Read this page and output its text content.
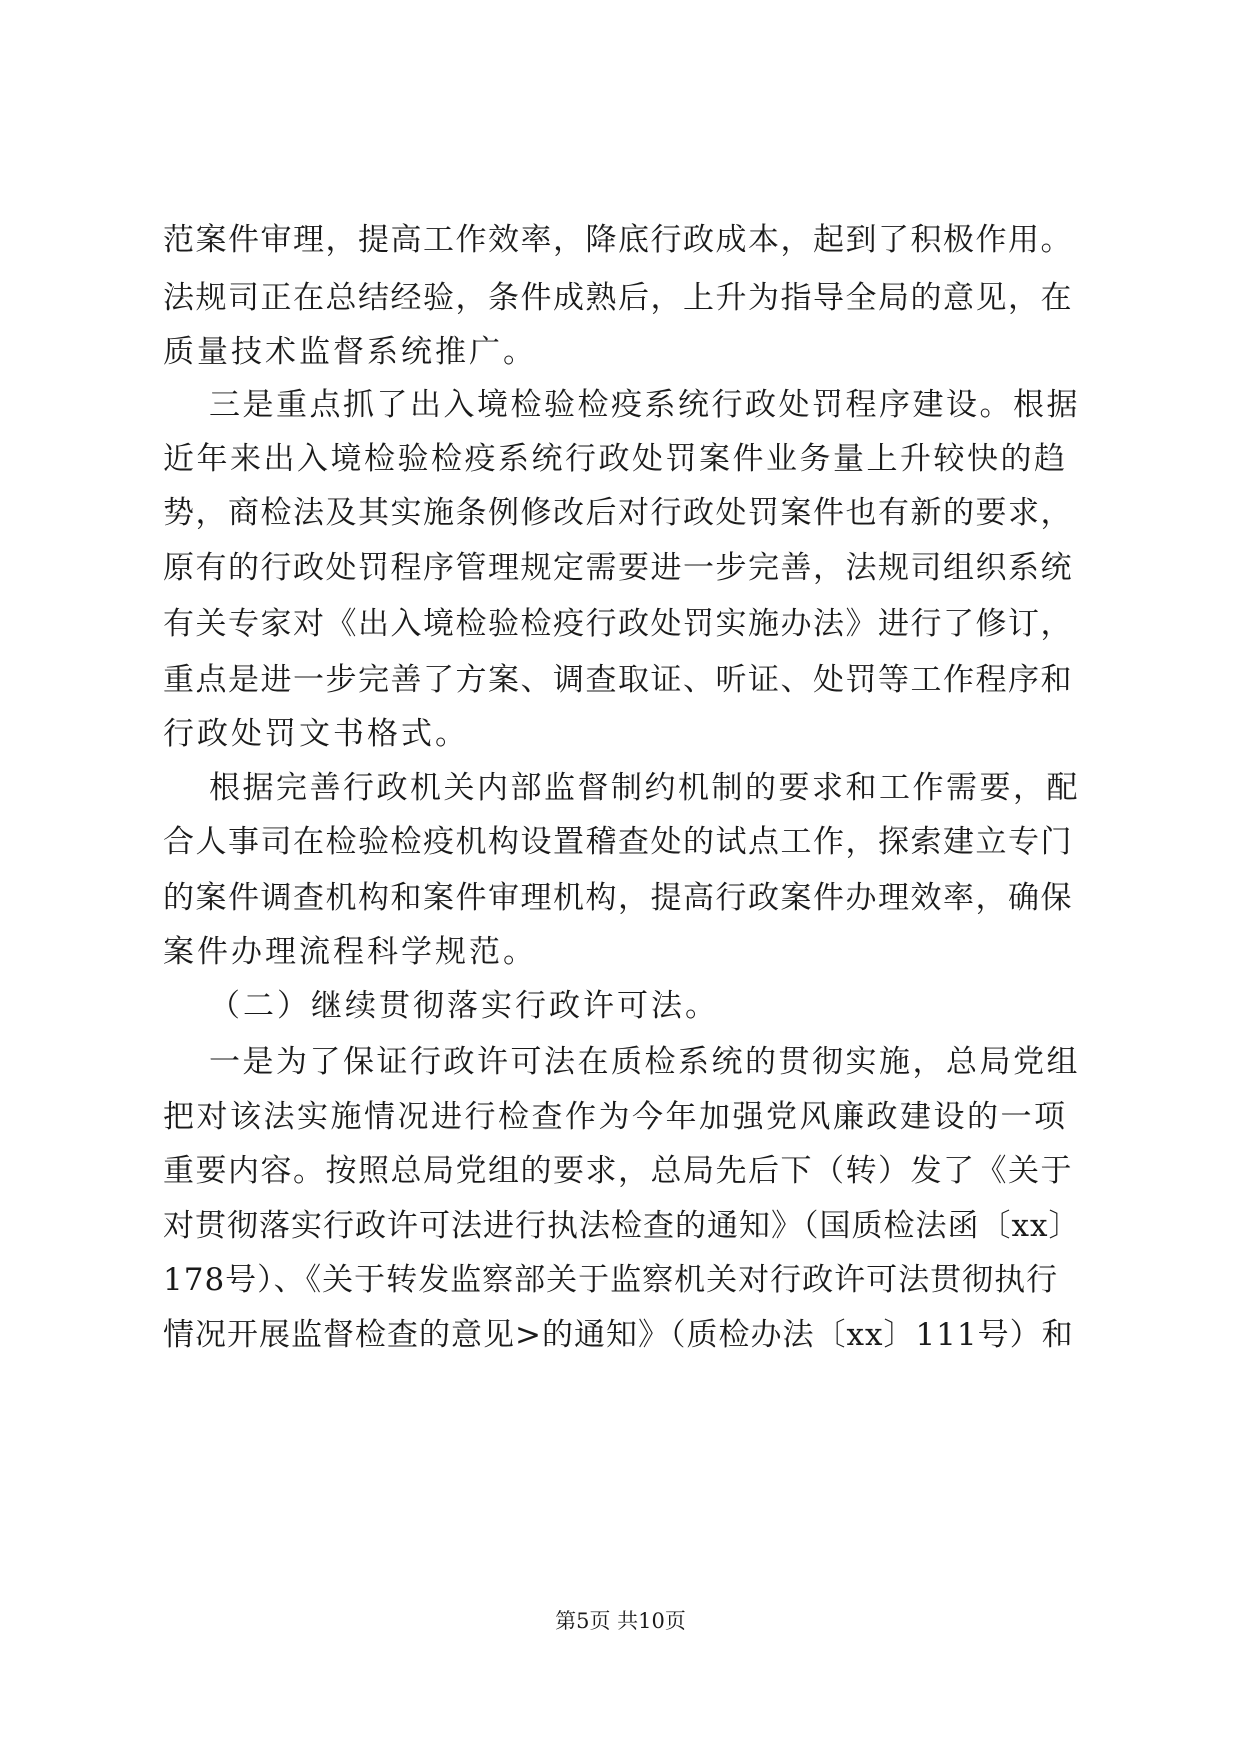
范案件审理，提高工作效率，降底行政成本，起到了积极作用。
法规司正在总结经验，条件成熟后，上升为指导全局的意见，在
质量技术监督系统推广。
三是重点抓了出入境检验检疫系统行政处罚程序建设。根据
近年来出入境检验检疫系统行政处罚案件业务量上升较快的趋
势，商检法及其实施条例修改后对行政处罚案件也有新的要求，
原有的行政处罚程序管理规定需要进一步完善，法规司组织系统
有关专家对《出入境检验检疫行政处罚实施办法》进行了修订，
重点是进一步完善了方案、调查取证、听证、处罚等工作程序和
行政处罚文书格式。
根据完善行政机关内部监督制约机制的要求和工作需要，配
合人事司在检验检疫机构设置稽查处的试点工作，探索建立专门
的案件调查机构和案件审理机构，提高行政案件办理效率，确保
案件办理流程科学规范。
（二）继续贯彻落实行政许可法。
一是为了保证行政许可法在质检系统的贯彻实施，总局党组
把对该法实施情况进行检查作为今年加强党风廉政建设的一项
重要内容。按照总局党组的要求，总局先后下（转）发了《关于
对贯彻落实行政许可法进行执法检查的通知》（国质检法函〔xx〕
178号）、《关于转发监察部关于监察机关对行政许可法贯彻执行
情况开展监督检查的意见>的通知》（质检办法〔xx〕111号）和
第5页 共10页
